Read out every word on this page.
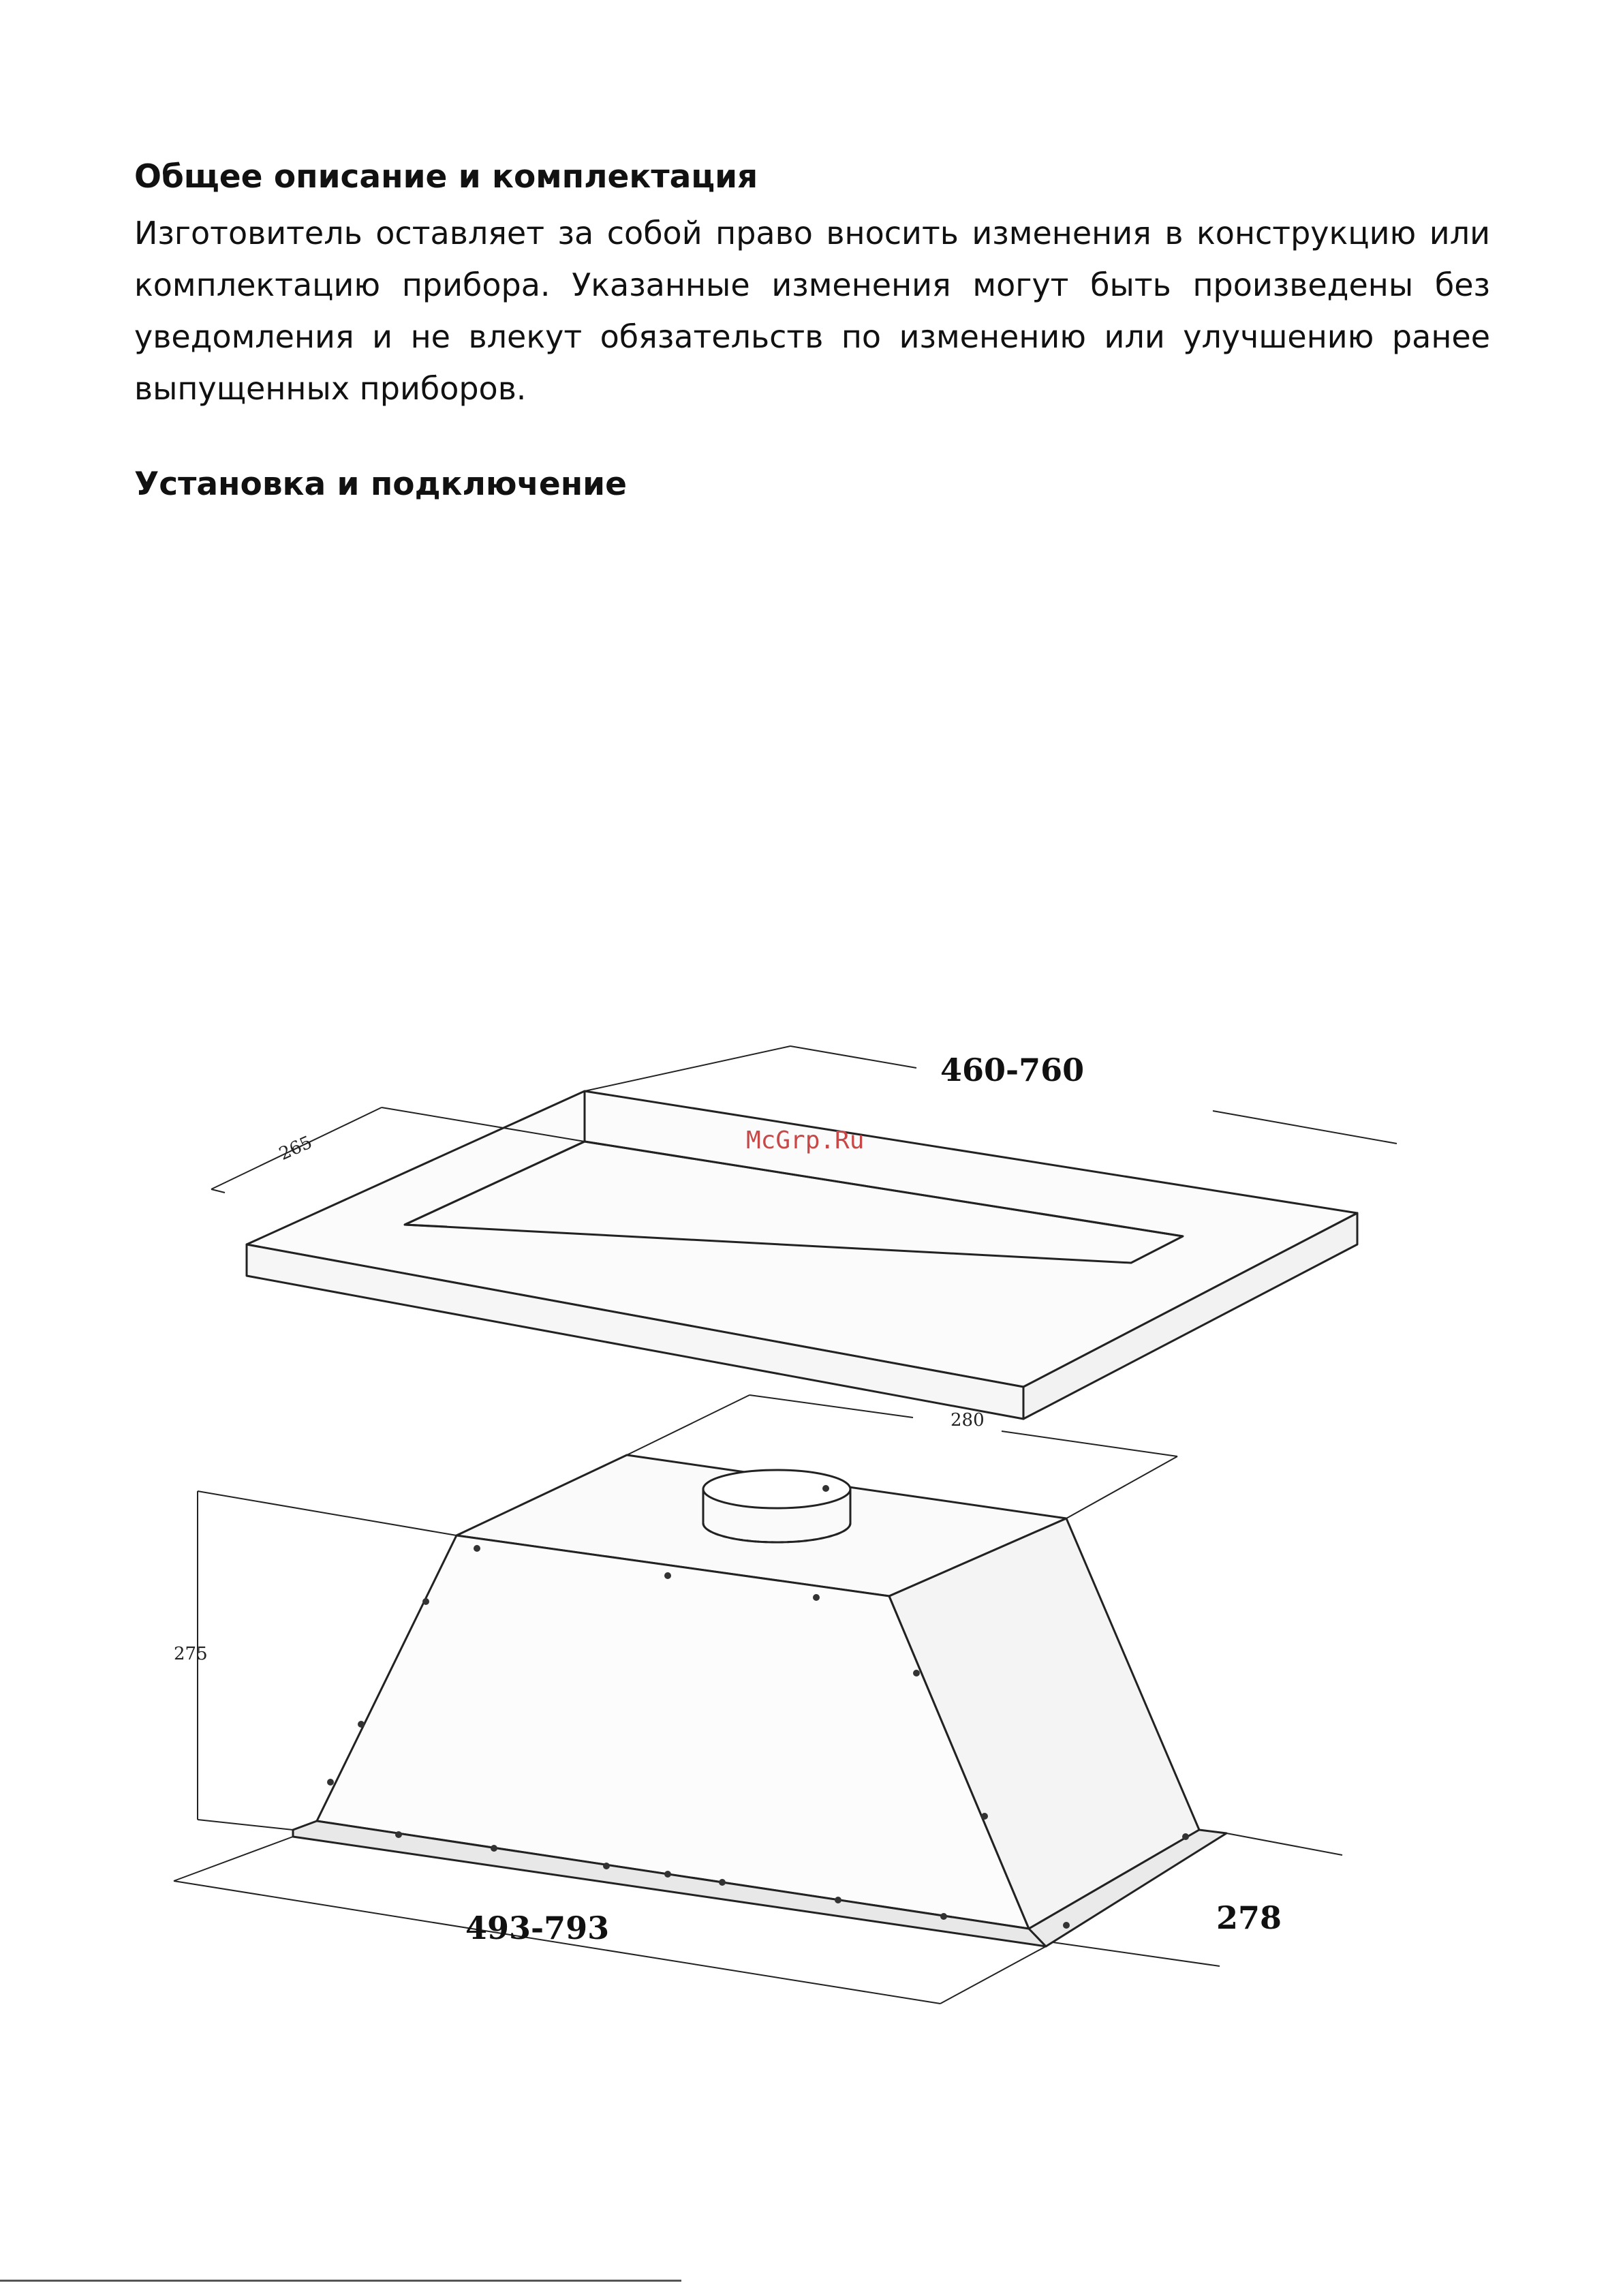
Общее описание и комплектация

Изготовитель оставляет за собой право вносить изменения в конструкцию или комплектацию прибора. Указанные изменения могут быть произведены без уведомления и не влекут обязательств по изменению или улучшению ранее выпущенных приборов.

Установка и подключение
460-760
265
280
275
493-793	278
McGrp.Ru
